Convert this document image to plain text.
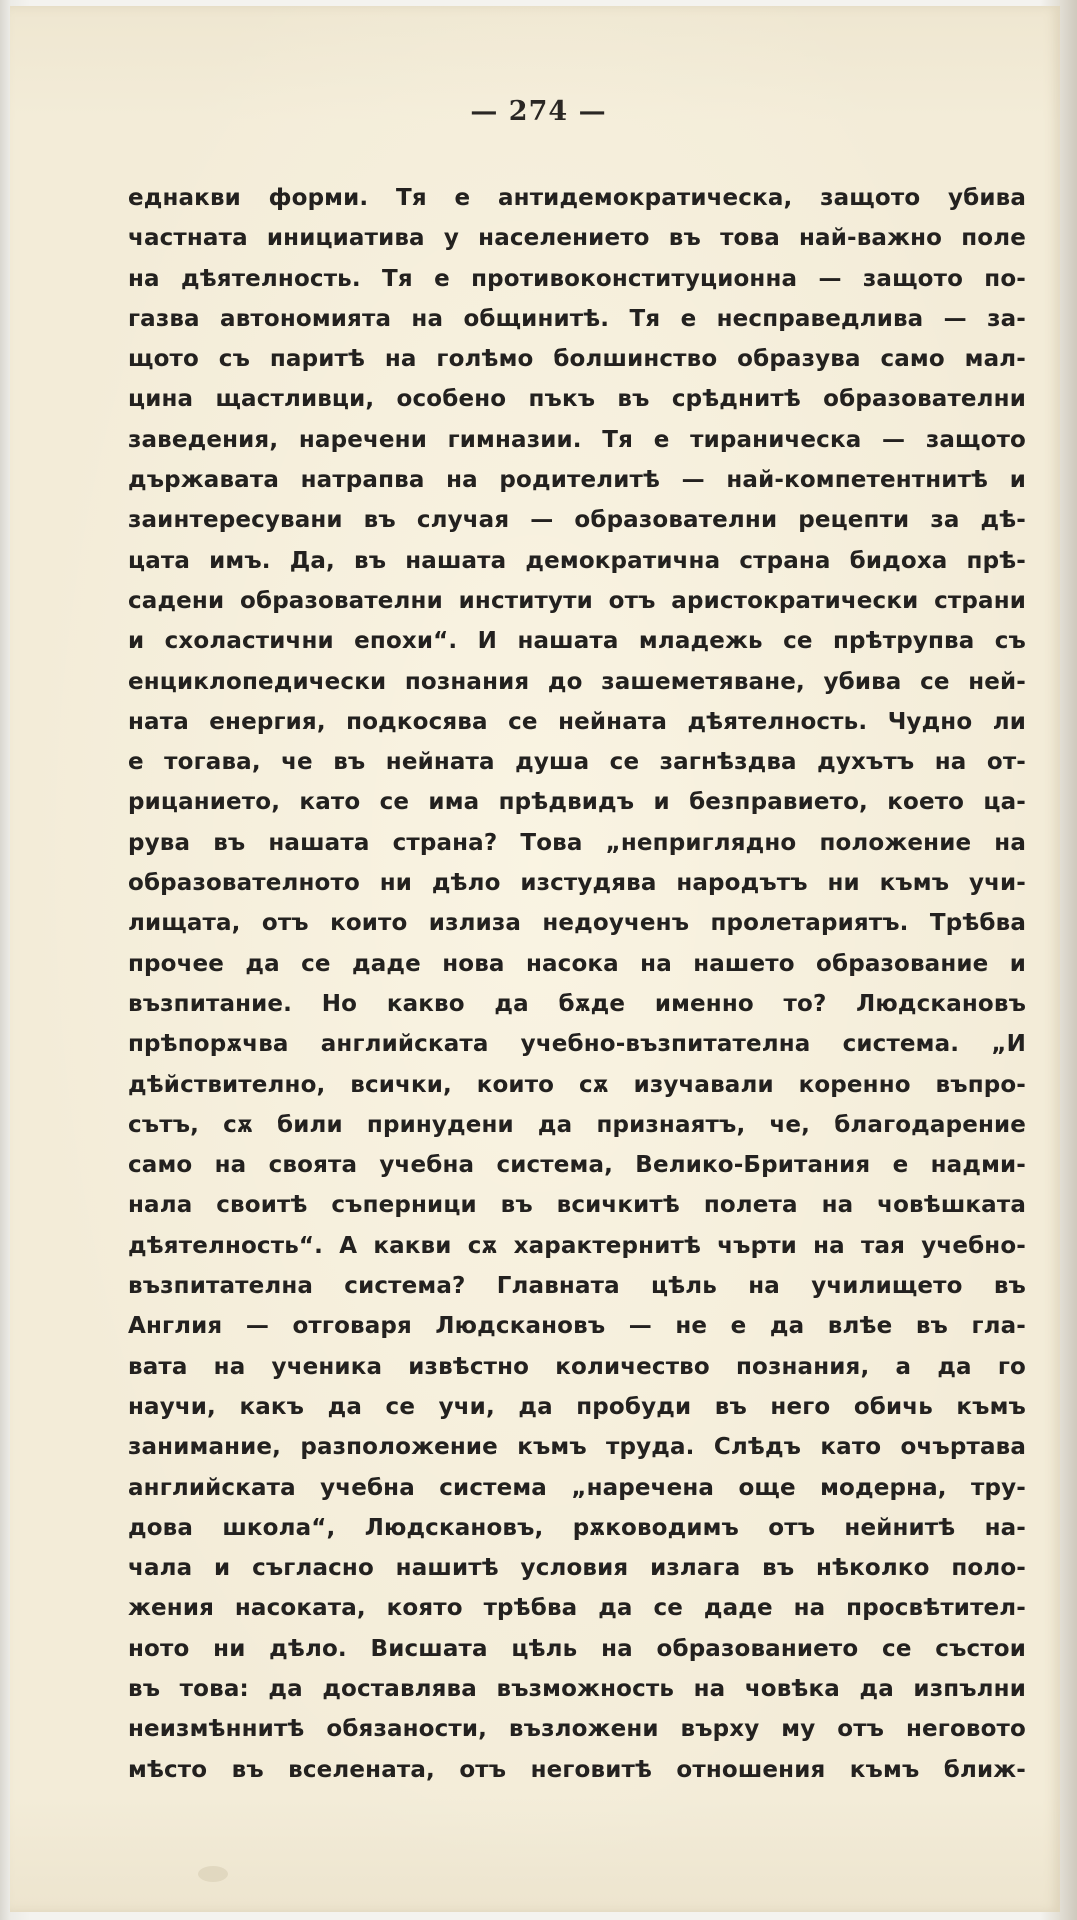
— 274 —
еднакви форми. Тя е антидемократическа, защото убива
частната инициатива у населението въ това най-важно поле
на дѣятелность. Тя е противоконституционна — защото по-
газва автономията на общинитѣ. Тя е несправедлива — за-
щото съ паритѣ на голѣмо болшинство образува само мал-
цина щастливци, особено пъкъ въ срѣднитѣ образователни
заведения, наречени гимназии. Тя е тираническа — защото
държавата натрапва на родителитѣ — най-компетентнитѣ и
заинтересувани въ случая — образователни рецепти за дѣ-
цата имъ. Да, въ нашата демократична страна бидоха прѣ-
садени образователни институти отъ аристократически страни
и схоластични епохи“. И нашата младежь се прѣтрупва съ
енциклопедически познания до зашеметяване, убива се ней-
ната енергия, подкосява се нейната дѣятелность. Чудно ли
е тогава, че въ нейната душа се загнѣздва духътъ на от-
рицанието, като се има прѣдвидъ и безправието, което ца-
рува въ нашата страна? Това „неприглядно положение на
образователното ни дѣло изстудява народътъ ни къмъ учи-
лищата, отъ които излиза недоученъ пролетариятъ. Трѣбва
прочее да се даде нова насока на нашето образование и
възпитание. Но какво да бѫде именно то? Людскановъ
прѣпорѫчва английската учебно-възпитателна система. „И
дѣйствително, всички, които сѫ изучавали коренно въпро-
сътъ, сѫ били принудени да признаятъ, че, благодарение
само на своята учебна система, Велико-Британия е надми-
нала своитѣ съперници въ всичкитѣ полета на човѣшката
дѣятелность“. А какви сѫ характернитѣ чърти на тая учебно-
възпитателна система? Главната цѣль на училището въ
Англия — отговаря Людскановъ — не е да влѣе въ гла-
вата на ученика извѣстно количество познания, а да го
научи, какъ да се учи, да пробуди въ него обичь къмъ
занимание, разположение къмъ труда. Слѣдъ като очъртава
английската учебна система „наречена още модерна, тру-
дова школа“, Людскановъ, рѫководимъ отъ нейнитѣ на-
чала и съгласно нашитѣ условия излага въ нѣколко поло-
жения насоката, която трѣбва да се даде на просвѣтител-
ното ни дѣло. Висшата цѣль на образованието се състои
въ това: да доставлява възможность на човѣка да изпълни
неизмѣннитѣ обязаности, възложени върху му отъ неговото
мѣсто въ вселената, отъ неговитѣ отношения къмъ ближ-
